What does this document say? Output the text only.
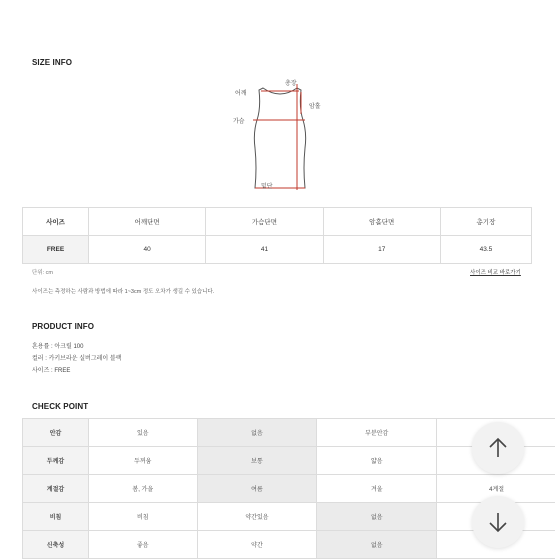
SIZE INFO
총장
어깨
암홀
가슴
밑단
사이즈	어깨단면	가슴단면	암홀단면	총기장
FREE	40	41	17	43.5
단위: cm	사이즈 비교 바로가기
사이즈는 측정하는 사람과 방법에 따라 1~3cm 정도 오차가 생길 수 있습니다.
PRODUCT INFO
혼용률 : 아크릴 100
컬러 : 카키브라운 실버그레이 블랙
사이즈 : FREE
CHECK POINT
안감	있음	없음	부분안감	
두께감	두꺼움	보통	얇음	
계절감	봄, 가을	여름	겨울	4계절
비침	비침	약간있음	없음	
신축성	좋음	약간	없음	
